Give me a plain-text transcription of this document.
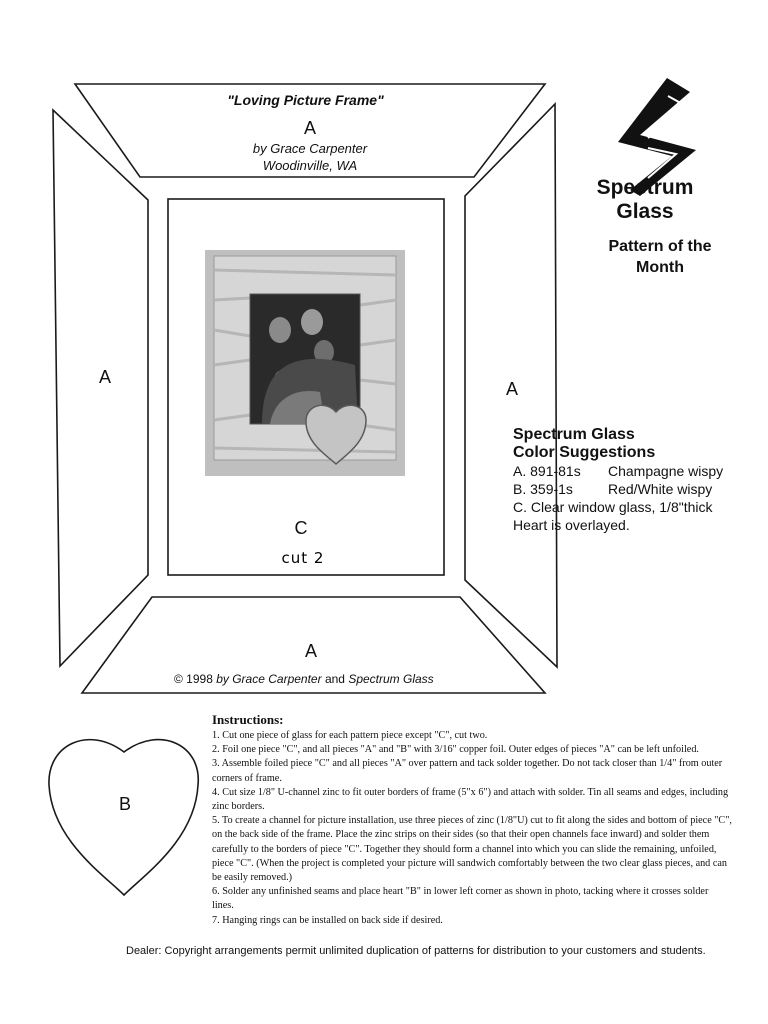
A
A
A
A
C
cut 2
B
"Loving Picture Frame"
by Grace Carpenter
Woodinville, WA
Spectrum
Glass
Pattern of the
Month
Spectrum Glass
Color Suggestions
A. 891-81s Champagne wispy
B. 359-1s	Red/White wispy
C. Clear window glass, 1/8"thick
Heart is overlayed.
© 1998 by Grace Carpenter and Spectrum Glass
Instructions:

1. Cut one piece of glass for each pattern piece except "C", cut two.

2. Foil one piece "C", and all pieces "A" and "B" with 3/16" copper foil. Outer edges of pieces "A" can be left unfoiled.

3. Assemble foiled piece "C" and all pieces "A" over pattern and tack solder together. Do not tack closer than 1/4" from outer corners of frame.

4. Cut size 1/8" U-channel zinc to fit outer borders of frame (5"x 6") and attach with solder. Tin all seams and edges, including zinc borders.

5. To create a channel for picture installation, use three pieces of zinc (1/8"U) cut to fit along the sides and bottom of piece "C", on the back side of the frame. Place the zinc strips on their sides (so that their open channels face inward) and solder them carefully to the borders of piece "C". Together they should form a channel into which you can slide the remaining, unfoiled, piece "C". (When the project is completed your picture will sandwich comfortably between the two clear glass pieces, and can be easily removed.)

6. Solder any unfinished seams and place heart "B" in lower left corner as shown in photo, tacking where it crosses solder lines.

7. Hanging rings can be installed on back side if desired.

Dealer: Copyright arrangements permit unlimited duplication of patterns for distribution to your customers and students.
